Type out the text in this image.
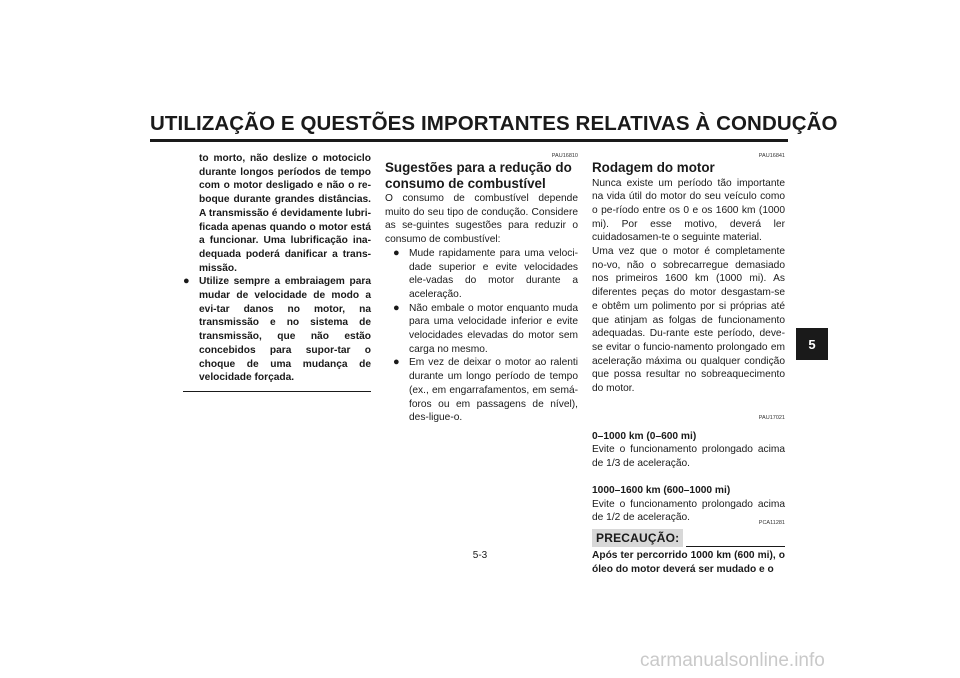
UTILIZAÇÃO E QUESTÕES IMPORTANTES RELATIVAS À CONDUÇÃO
5

to morto, não deslize o motociclo durante longos períodos de tempo com o motor desligado e não o re-boque durante grandes distâncias. A transmissão é devidamente lubri-ficada apenas quando o motor está a funcionar. Uma lubrificação ina-dequada poderá danificar a trans-missão.

● Utilize sempre a embraiagem para mudar de velocidade de modo a evi-tar danos no motor, na transmissão e no sistema de transmissão, que não estão concebidos para supor-tar o choque de uma mudança de velocidade forçada.
PAU16810
Sugestões para a redução do consumo de combustível

O consumo de combustível depende muito do seu tipo de condução. Considere as se-guintes sugestões para reduzir o consumo de combustível:

● Mude rapidamente para uma veloci-dade superior e evite velocidades ele-vadas do motor durante a aceleração.
● Não embale o motor enquanto muda para uma velocidade inferior e evite velocidades elevadas do motor sem carga no mesmo.
● Em vez de deixar o motor ao ralenti durante um longo período de tempo (ex., em engarrafamentos, em semá-foros ou em passagens de nível), des-ligue-o.
PAU16841
Rodagem do motor

Nunca existe um período tão importante na vida útil do motor do seu veículo como o pe-ríodo entre os 0 e os 1600 km (1000 mi). Por esse motivo, deverá ler cuidadosamen-te o seguinte material.

Uma vez que o motor é completamente no-vo, não o sobrecarregue demasiado nos primeiros 1600 km (1000 mi). As diferentes peças do motor desgastam-se e obtêm um polimento por si próprias até que atinjam as folgas de funcionamento adequadas. Du-rante este período, deve-se evitar o funcio-namento prolongado em aceleração máxima ou qualquer condição que possa resultar no sobreaquecimento do motor.

PAU17021

0–1000 km (0–600 mi)

Evite o funcionamento prolongado acima de 1/3 de aceleração.

1000–1600 km (600–1000 mi)

Evite o funcionamento prolongado acima de 1/2 de aceleração.	PCA11281
PRECAUÇÃO:

Após ter percorrido 1000 km (600 mi), o óleo do motor deverá ser mudado e o

5-3
carmanualsonline.info
